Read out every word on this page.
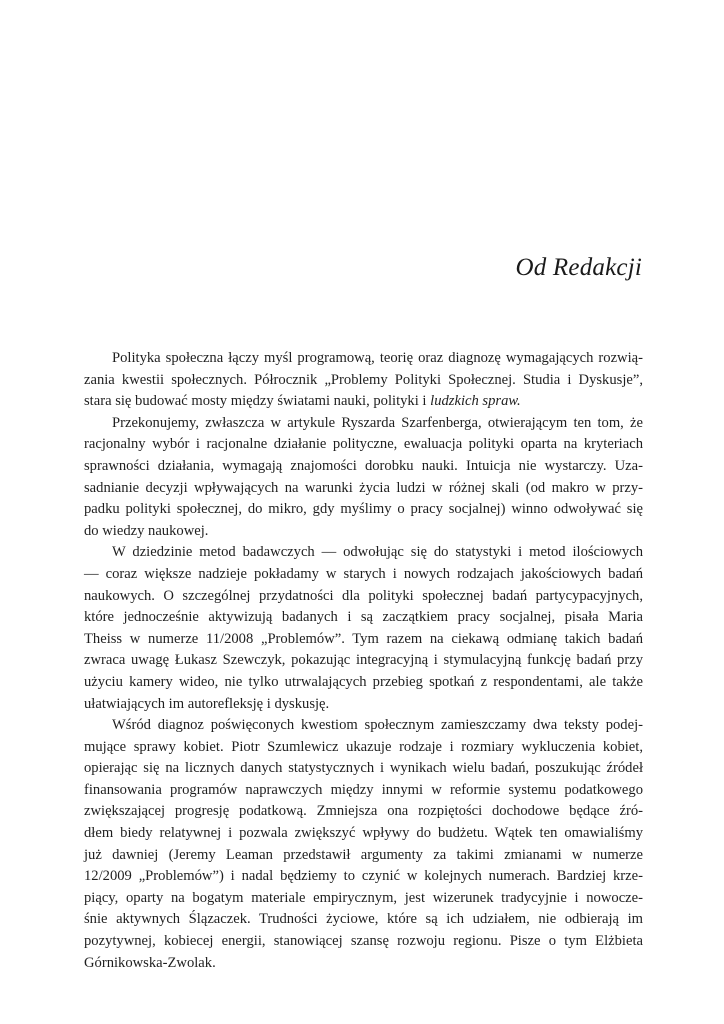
Od Redakcji
Polityka społeczna łączy myśl programową, teorię oraz diagnozę wymagających rozwią-
zania kwestii społecznych. Półrocznik „Problemy Polityki Społecznej. Studia i Dyskusje”,
stara się budować mosty między światami nauki, polityki i ludzkich spraw.
Przekonujemy, zwłaszcza w artykule Ryszarda Szarfenberga, otwierającym ten tom, że
racjonalny wybór i racjonalne działanie polityczne, ewaluacja polityki oparta na kryteriach
sprawności działania, wymagają znajomości dorobku nauki. Intuicja nie wystarczy. Uza-
sadnianie decyzji wpływających na warunki życia ludzi w różnej skali (od makro w przy-
padku polityki społecznej, do mikro, gdy myślimy o pracy socjalnej) winno odwoływać się
do wiedzy naukowej.
W dziedzinie metod badawczych — odwołując się do statystyki i metod ilościowych
— coraz większe nadzieje pokładamy w starych i nowych rodzajach jakościowych badań
naukowych. O szczególnej przydatności dla polityki społecznej badań partycypacyjnych,
które jednocześnie aktywizują badanych i są zaczątkiem pracy socjalnej, pisała Maria
Theiss w numerze 11/2008 „Problemów”. Tym razem na ciekawą odmianę takich badań
zwraca uwagę Łukasz Szewczyk, pokazując integracyjną i stymulacyjną funkcję badań przy
użyciu kamery wideo, nie tylko utrwalających przebieg spotkań z respondentami, ale także
ułatwiających im autorefleksję i dyskusję.
Wśród diagnoz poświęconych kwestiom społecznym zamieszczamy dwa teksty podej-
mujące sprawy kobiet. Piotr Szumlewicz ukazuje rodzaje i rozmiary wykluczenia kobiet,
opierając się na licznych danych statystycznych i wynikach wielu badań, poszukując źródeł
finansowania programów naprawczych między innymi w reformie systemu podatkowego
zwiększającej progresję podatkową. Zmniejsza ona rozpiętości dochodowe będące źró-
dłem biedy relatywnej i pozwala zwiększyć wpływy do budżetu. Wątek ten omawialiśmy
już dawniej (Jeremy Leaman przedstawił argumenty za takimi zmianami w numerze
12/2009 „Problemów”) i nadal będziemy to czynić w kolejnych numerach. Bardziej krze-
piący, oparty na bogatym materiale empirycznym, jest wizerunek tradycyjnie i nowocze-
śnie aktywnych Ślązaczek. Trudności życiowe, które są ich udziałem, nie odbierają im
pozytywnej, kobiecej energii, stanowiącej szansę rozwoju regionu. Pisze o tym Elżbieta
Górnikowska-Zwolak.
